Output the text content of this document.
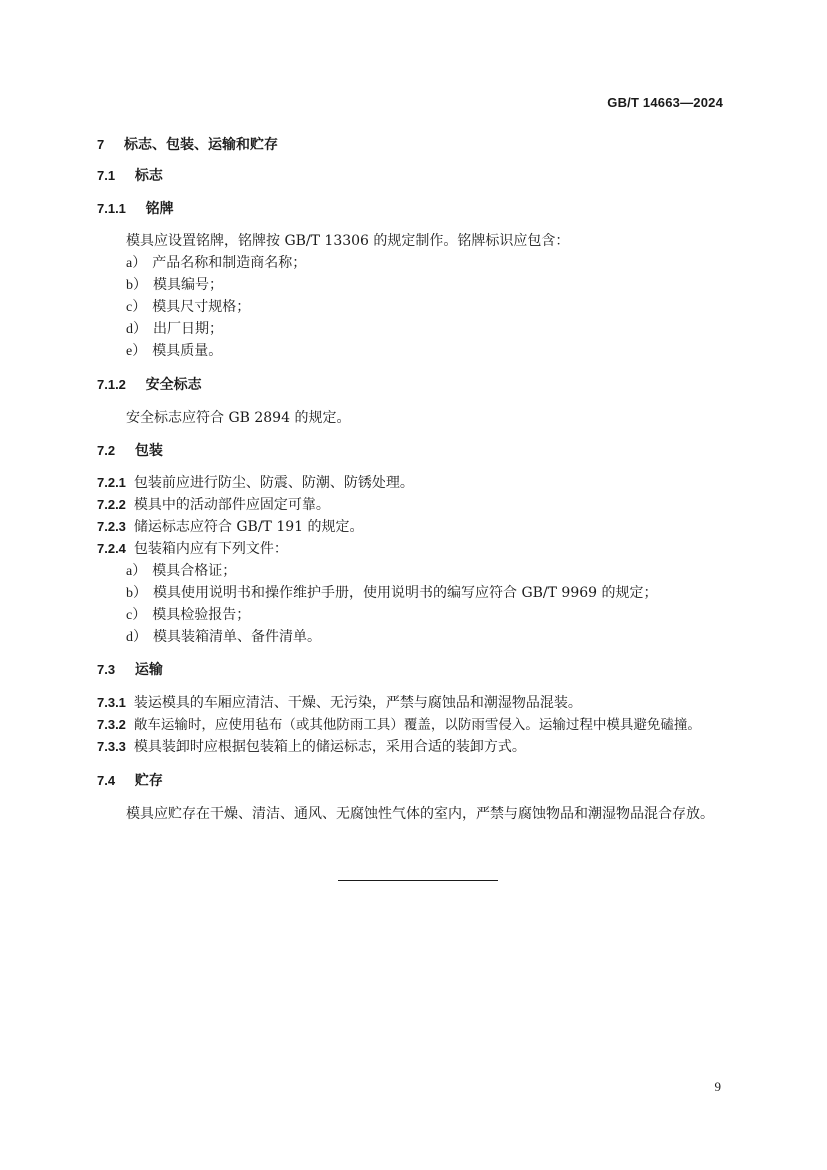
GB/T 14663—2024
7 标志、包装、运输和贮存
7.1 标志
7.1.1 铭牌
模具应设置铭牌，铭牌按 GB/T 13306 的规定制作。铭牌标识应包含：
a） 产品名称和制造商名称；
b） 模具编号；
c） 模具尺寸规格；
d） 出厂日期；
e） 模具质量。
7.1.2 安全标志
安全标志应符合 GB 2894 的规定。
7.2 包装
7.2.1 包装前应进行防尘、防震、防潮、防锈处理。
7.2.2 模具中的活动部件应固定可靠。
7.2.3 储运标志应符合 GB/T 191 的规定。
7.2.4 包装箱内应有下列文件：
a） 模具合格证；
b） 模具使用说明书和操作维护手册，使用说明书的编写应符合 GB/T 9969 的规定；
c） 模具检验报告；
d） 模具装箱清单、备件清单。
7.3 运输
7.3.1 装运模具的车厢应清洁、干燥、无污染，严禁与腐蚀品和潮湿物品混装。
7.3.2 敞车运输时，应使用毡布（或其他防雨工具）覆盖，以防雨雪侵入。运输过程中模具避免磕撞。
7.3.3 模具装卸时应根据包装箱上的储运标志，采用合适的装卸方式。
7.4 贮存
模具应贮存在干燥、清洁、通风、无腐蚀性气体的室内，严禁与腐蚀物品和潮湿物品混合存放。
9
